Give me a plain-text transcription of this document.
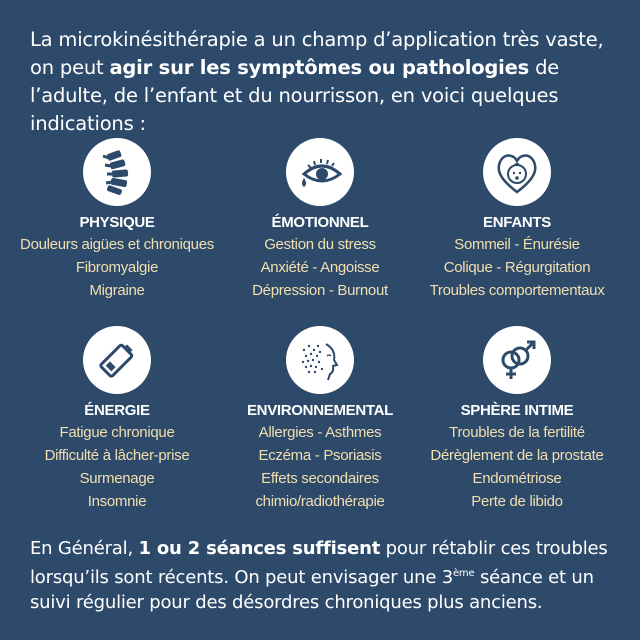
La microkinésithérapie a un champ d’application très vaste, on peut agir sur les symptômes ou pathologies de l’adulte, de l’enfant et du nourrisson, en voici quelques indications :
PHYSIQUE
Douleurs aigües et chroniques
Fibromyalgie
Migraine
ÉMOTIONNEL
Gestion du stress
Anxiété - Angoisse
Dépression - Burnout
ENFANTS
Sommeil - Énurésie
Colique - Régurgitation
Troubles comportementaux
ÉNERGIE
Fatigue chronique
Difficulté à lâcher-prise
Surmenage
Insomnie
ENVIRONNEMENTAL
Allergies - Asthmes
Eczéma - Psoriasis
Effets secondaires
chimio/radiothérapie
SPHÈRE INTIME
Troubles de la fertilité
Dérèglement de la prostate
Endométriose
Perte de libido
En Général, 1 ou 2 séances suffisent pour rétablir ces troubles lorsqu’ils sont récents. On peut envisager une 3ème séance et un suivi régulier pour des désordres chroniques plus anciens.
